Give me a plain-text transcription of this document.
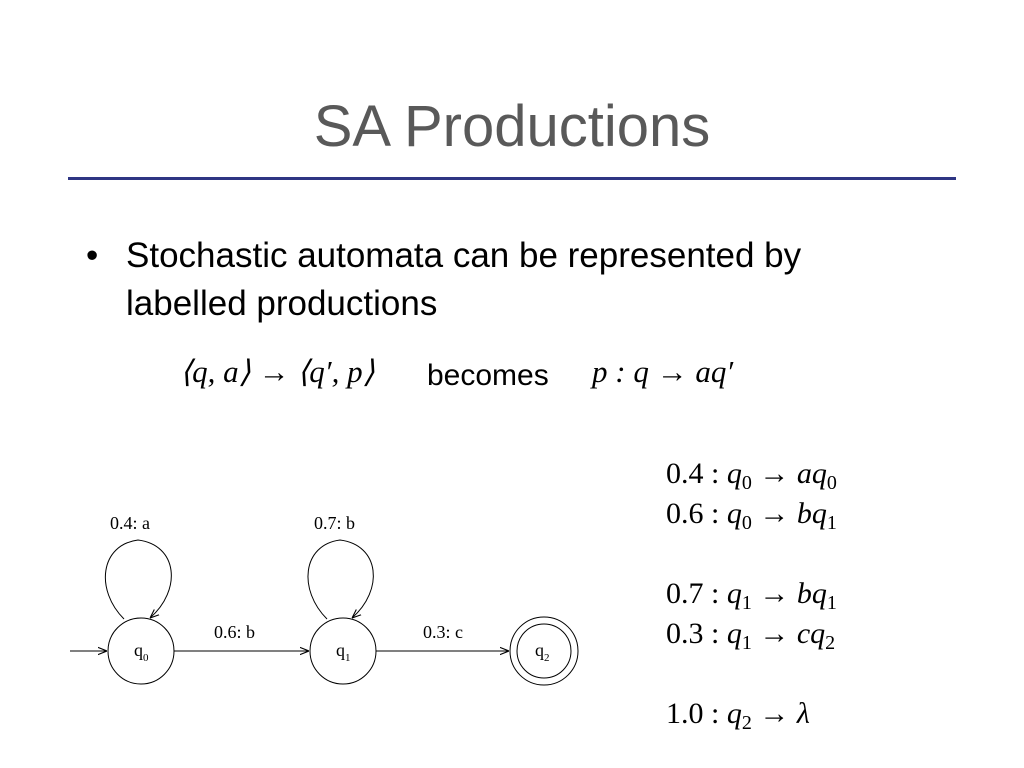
SA Productions
• Stochastic automata can be represented by labelled productions
⟨q, a⟩ → ⟨q′, p⟩ becomes p : q → aq′
0.4 : $q_0 \to aq_0$
0.6 : $q_0 \to bq_1$
0.7 : $q_1 \to bq_1$
0.3 : $q_1 \to cq_2$
1.0 : $q_2 \to \lambda$
$q_0$	$q_1$	$q_2$
0.4: a	0.7: b
0.6: b	0.3: c
